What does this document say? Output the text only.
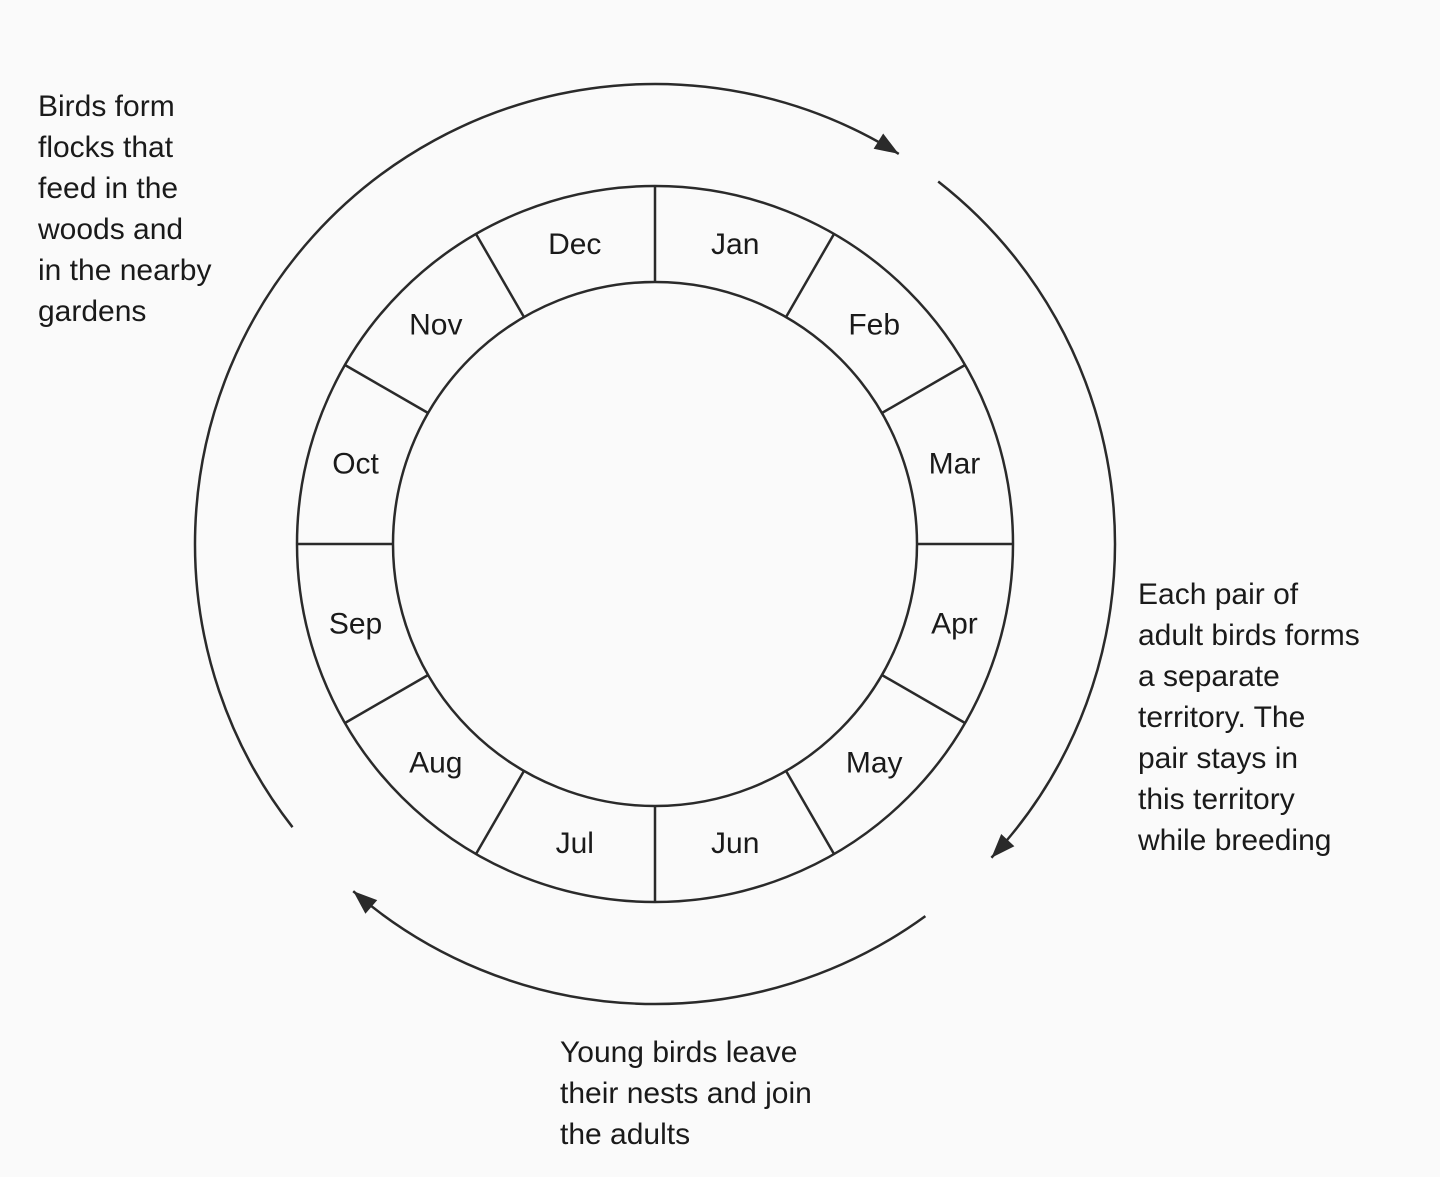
Jan
Feb
Mar
Apr
May
Jun
Jul
Aug
Sep
Oct
Nov
Dec

Birds form
flocks that
feed in the
woods and
in the nearby
gardens

Each pair of
adult birds forms
a separate
territory. The
pair stays in
this territory
while breeding

Young birds leave
their nests and join
the adults
